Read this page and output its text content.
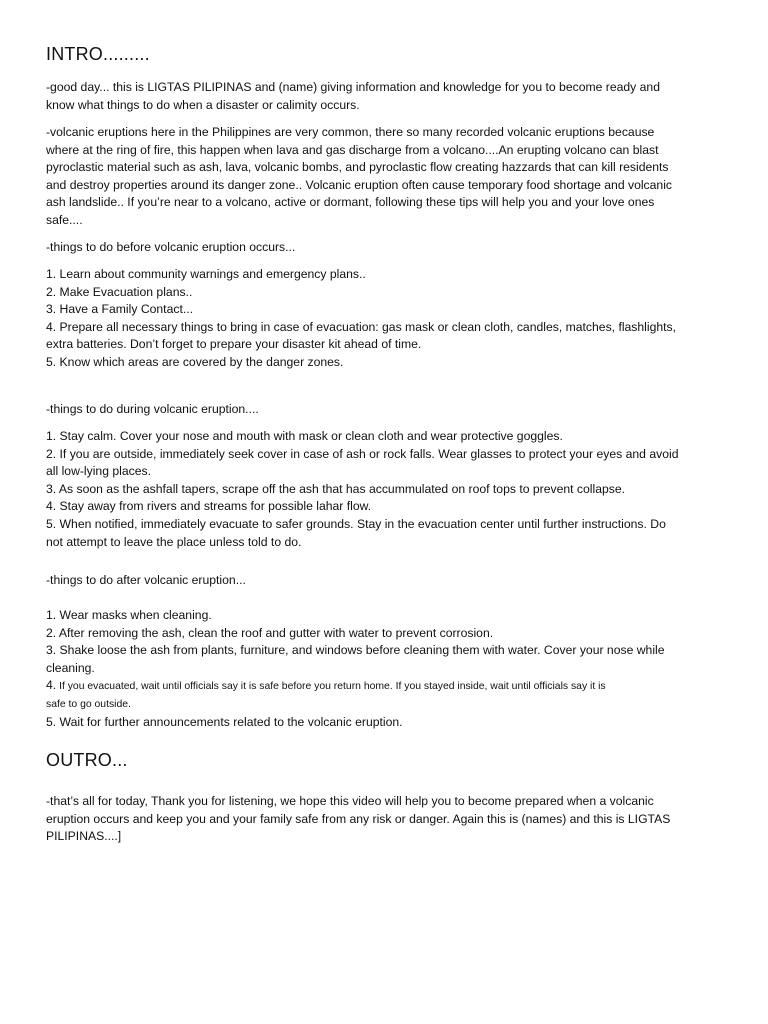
INTRO.........

-good day... this is LIGTAS PILIPINAS and (name) giving information and knowledge for you to become ready and
know what things to do when a disaster or calimity occurs.

-volcanic eruptions here in the Philippines are very common, there so many recorded volcanic eruptions because
where at the ring of fire, this happen when lava and gas discharge from a volcano....An erupting volcano can blast
pyroclastic material such as ash, lava, volcanic bombs, and pyroclastic flow creating hazzards that can kill residents
and destroy properties around its danger zone.. Volcanic eruption often cause temporary food shortage and volcanic
ash landslide.. If you’re near to a volcano, active or dormant, following these tips will help you and your love ones
safe....

-things to do before volcanic eruption occurs...

1. Learn about community warnings and emergency plans..
2. Make Evacuation plans..
3. Have a Family Contact...
4. Prepare all necessary things to bring in case of evacuation: gas mask or clean cloth, candles, matches, flashlights,
extra batteries. Don’t forget to prepare your disaster kit ahead of time.
5. Know which areas are covered by the danger zones.

-things to do during volcanic eruption....

1. Stay calm. Cover your nose and mouth with mask or clean cloth and wear protective goggles.
2. If you are outside, immediately seek cover in case of ash or rock falls. Wear glasses to protect your eyes and avoid
all low-lying places.
3. As soon as the ashfall tapers, scrape off the ash that has accummulated on roof tops to prevent collapse.
4. Stay away from rivers and streams for possible lahar flow.
5. When notified, immediately evacuate to safer grounds. Stay in the evacuation center until further instructions. Do
not attempt to leave the place unless told to do.

-things to do after volcanic eruption...

1. Wear masks when cleaning.
2. After removing the ash, clean the roof and gutter with water to prevent corrosion.
3. Shake loose the ash from plants, furniture, and windows before cleaning them with water. Cover your nose while
cleaning.
4. If you evacuated, wait until officials say it is safe before you return home. If you stayed inside, wait until officials say it is
safe to go outside.
5. Wait for further announcements related to the volcanic eruption.
OUTRO...

-that’s all for today, Thank you for listening, we hope this video will help you to become prepared when a volcanic
eruption occurs and keep you and your family safe from any risk or danger. Again this is (names) and this is LIGTAS
PILIPINAS....]
